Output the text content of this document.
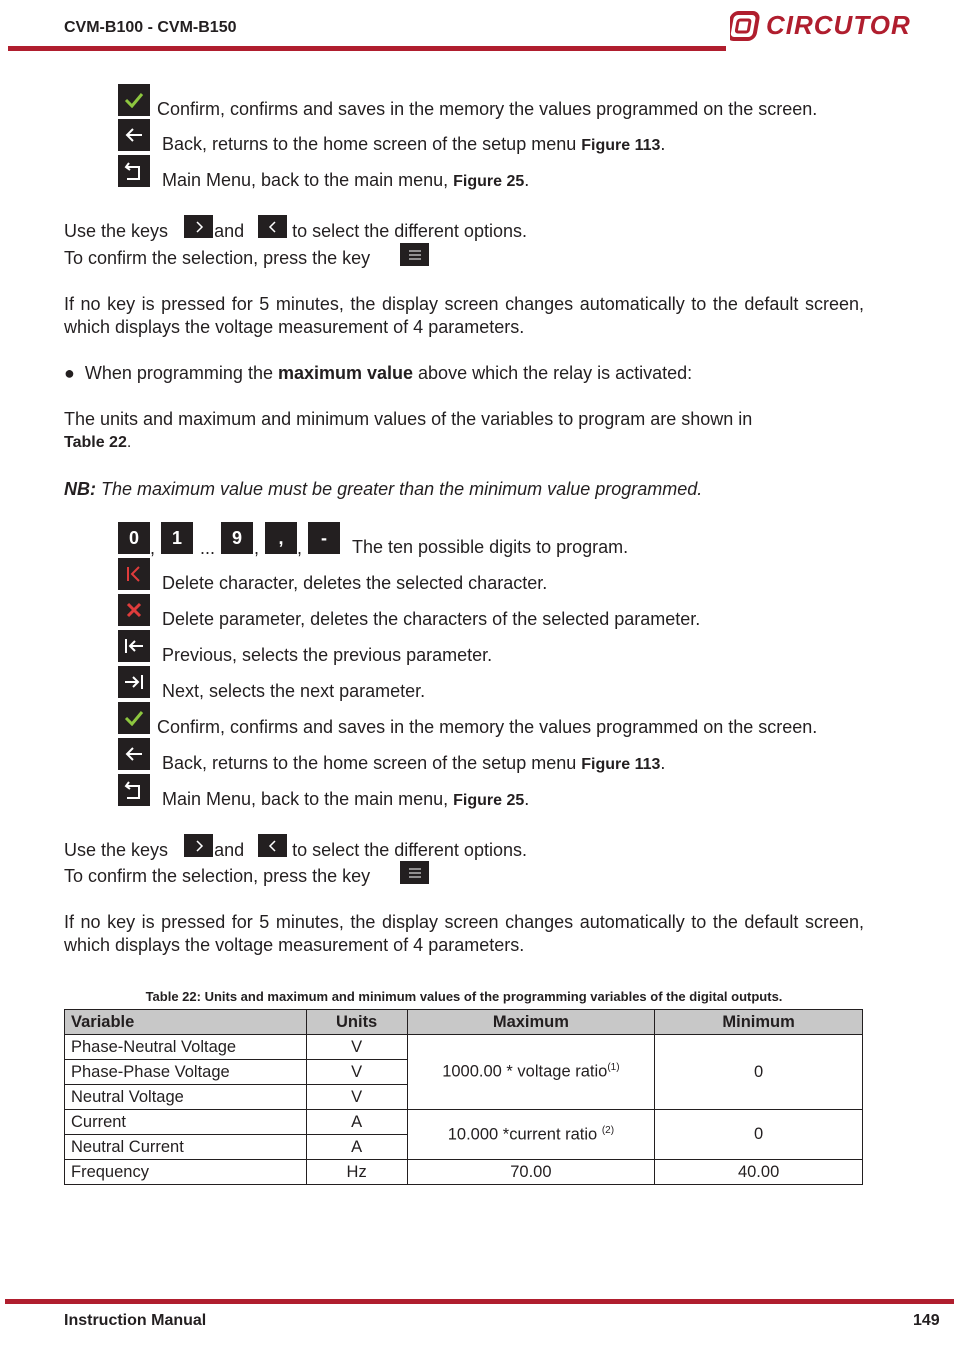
CVM-B100 - CVM-B150	CIRCUTOR
Confirm, confirms and saves in the memory the values programmed on the screen.
Back, returns to the home screen of the setup menu Figure 113.
Main Menu, back to the main menu, Figure 25.
Use the keys	and	to select the different options.
To confirm the selection, press the key
If no key is pressed for 5 minutes, the display screen changes automatically to the default screen, which displays the voltage measurement of 4 parameters.
●  When programming the maximum value above which the relay is activated:
The units and maximum and minimum values of the variables to program are shown in
Table 22.
NB: The maximum value must be greater than the minimum value programmed.
0
,
1
...
9
,
,
,
-	The ten possible digits to program.
Delete character, deletes the selected character.
Delete parameter, deletes the characters of the selected parameter.
Previous, selects the previous parameter.
Next, selects the next parameter.
Confirm, confirms and saves in the memory the values programmed on the screen.
Back, returns to the home screen of the setup menu Figure 113.
Main Menu, back to the main menu, Figure 25.
Use the keys	and	to select the different options.
To confirm the selection, press the key
If no key is pressed for 5 minutes, the display screen changes automatically to the default screen, which displays the voltage measurement of 4 parameters.
Table 22: Units and maximum and minimum values of the programming variables of the digital outputs.
Variable	Units	Maximum	Minimum
Phase-Neutral Voltage	V	1000.00 * voltage ratio$^{(1)}$	0
Phase-Phase Voltage	V		
Neutral Voltage	V		
Current	A	10.000 *current ratio $^{(2)}$	0
Neutral Current	A		
Frequency	Hz	70.00	40.00
Instruction Manual	149
